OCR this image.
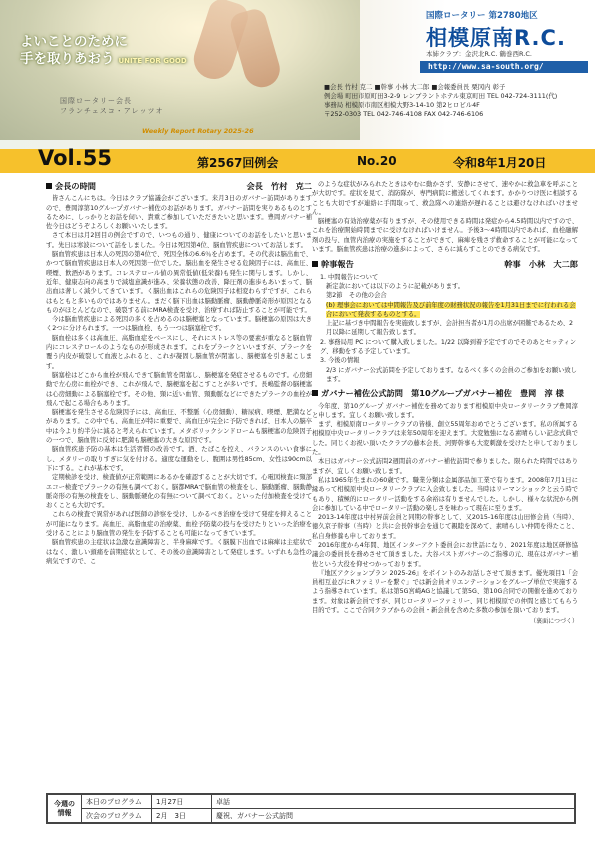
よいことのために
手を取りあおう UNITE FOR GOOD
国際ロータリー会長
フランチェスコ・アレッツオ
Weekly Report Rotary 2025-26
国際ロータリー 第2780地区
相模原南R.C.
本姉クラブ：金沢北R.C. 鶴巻西R.C.
http://www.sa-south.org/
■会長 竹村 克二 ■幹事 小林 大二郎 ■会報委員長 栗冈内 彰子
例会場 町田市原町田3-2-9 レンブラントホテル東京町田 TEL 042-724-3111(代)
事務局 相模原市南区相模大野3-14-10 第2ヒロビル4F
〒252-0303 TEL 042-746-4108 FAX 042-746-6106
Vol.55	第2567回例会	No.20	令和8年1月20日
会長の時間	会長　竹村　克二

皆さんこんにちは。今日はクラブ協議会がございます。来月3日のガバナー訪問がありますので、豊岡淳第10グループガバナー補佐のお話があります。ガバナー訪問を実りあるものとするために、しっかりとお話を伺い、貴重ご参加していただきたいと思います。豊岡ガバナー補佐今日はどうぞよろしくお願いいたします。

さて本日は月2回目の例会ですので、いつもの通り、健康についてのお話をしたいと思います。先日は寒波について話をしました。今日は死因第4位、脳血管疾患についてお話します。

脳血管疾患は日本人の死因の第4位で、死因全体の6.6％を占めます。その代表は脳出血で、かつて脳血管疾患は日本人の死因第一位でした。脳出血を発生させる危険因子には、高血圧、喫煙、飲酒があります。コレステロール値の異常低値(低栄養)も発生に関与します。しかし、近年、健康志向の高まりで減塩意識が進み、栄養状態の改善、降圧剤の進歩もあいまって、脳出血は著しく減少してきています。く脳出血はこれらの危険因子は相変わらずですが、これらはもともと多いものではありません。まだく脳下出血は脳動脈瘤、脳動静脈奇形が原因となるものがほとんどなので、破裂する前にMRA検査を受け、治療すれば防止することが可能です。

今は脳血管疾患による死因の多くを占めるのは脳梗塞となっています。脳梗塞の原因は大きく2つに分けられます。一つは脳血栓、もう一つは脳塞栓です。

脳血栓は多くは高血圧、高脂血症をベースにし、それにストレス等の要素が重なると脳血管内にコレステロールのようなものが形成されます。これをプラークといいますが、プラークを覆う内皮が破裂して血液とふれると、これが凝固し脳血管が閉塞し、脳梗塞を引き起こします。

脳塞栓はどこから血栓が飛んできて脳血管を閉塞し、脳梗塞を発症させるものです。心房細動で左心房に血栓ができ、これが飛んで、脳梗塞を起こすことが多いです。長嶋監督の脳梗塞は心房細動による脳塞栓です。その他、頸に近い血管、頸動脈などにできたプラークの血栓が飛んで起こる場合もあります。

脳梗塞を発生させる危険因子には、高血圧、不整脈（心房細動）、糖尿病、喫煙、肥満などがあります。この中でも、高血圧が特に重要で、高血圧が完全に予防できれば、日本人の脳卒中は今より約半分に減ると考えられています。メタボリックシンドロームも脳梗塞の危険因子の一つで、脳血管に反対に肥満も脳梗塞の大きな原因です。

脳血管疾患予防の基本は生活習慣の改善です。酒、たばこを控え、バランスのいい食事にし、メタリーの取りすぎに気を付ける。適度な運動をし、腹囲は男性85cm、女性は90cm以下にする。これが基本です。

定期検診を受け、検査値が正常範囲にあるかを確認することが大切です。心電図検査に頸部エコー検査でプラークの有無も調べておく。脳都MRAで脳血管の検査をし、脳動脈瘤、脳動静脈奇形の有無の検査をし、脳動脈硬化の有無について調べておく。といった付加検査を受けておくことも大切です。

これらの検査で異常があれば医師の診察を受け、しかるべき治療を受けて発症を抑えることが可能になります。高血圧、高脂血症の治療薬、血栓予防薬の投与を受けたりといった治療を受けることにより脳血管の発生を予防することも可能になってきています。

脳血管疾患の主症状は急激な意識障害と、半身麻痺です。く脳膜下出血では麻痺は主症状ではなく、激しい頭痛を前期症状として、その後の意識障害として発症します。いずれも急性の病気ですので、こ

のような症状がみられたときはやむに動かさず、安静にさせて、速やかに救急車を呼ぶことが大切です。症状を見て、消防隊が、専門病院に搬送してくれます。かかりつけ医に相談することも大切ですが連絡に手間取って、救急隊への連絡が遅れることは避けなければいけません。

脳梗塞の有効治療薬が有りますが、その使用できる時間は発症から4.5時間以内ですので、これを治療開始時間までに受けなければいけません。予後3～4時間以内であれば、血栓融解剤の投与、血管内治療の実施をすることができて、麻痺を残さず救命することが可能になっています。脳血管疾患は治療の進歩によって、さらに減らすことのできる病気です。

幹事報告	幹事　小林　大二郎
1. 中間報告について
新定款においては以下のように記載があります。
第2節　その他の会合
(b) 理事会においては中間報告及び前年度の財務状況の報告を1月31日までに行われる会合において発表するものとする。
上記に基づき中間報告を実施致しますが、会計担当者が1月の出席が困難であるため、2月以降に延期して報告致します。
2. 事務局用 PC について購入致しました。1/22 以降到着予定ですのでそのあとセッティング、移動をする予定しています。
3. 今後の情報
2/3 にガバナー公式訪問を予定しております。なるべく多くの会員のご参加をお願い致します。
ガバナー補佐公式訪問　第10グループガバナー補佐　豊岡　淳 様

今年度、第10グループ ガバナー補佐を務めております相模原中央ロータリークラブ豊岡淳と申します。宜しくお願い致します。

まず、相模原南ロータリークラブの皆様、創立55周年おめでとうございます。私の所属する相模原中央ロータリークラブは来年50周年を迎えます。大変勉強になる素晴らしい記念式典でした。同じくお祝い頂いたクラブの藤本会長、河野幹事も大変刺激を受けたと申しておりました。

本日はガバナー公式訪問2週間前のガバナー補佐訪問で参りました。限られた時間ではありますが、宜しくお願い致します。

私は1965年生まれの60歳です。職業分類は金属部品加工業で有ります。2008年7月1日に縁あって相模原中央ロータリークラブに入会致しました。当時はリーマンショックと云う時でもあり、積極的にロータリー活動をする余裕は有りませんでした。しかし、様々な状況から例会に参加している中でロータリー活動の楽しさを味わって現在に至ります。

2013-14年度は中村昇前会員と同期の幹事として、又2015-16年度は山田修会員（当時）、徳久京子幹事（当時）と共に会長幹事会を通じて親睦を深めて、素晴らしい仲間を得たこと、私自身修養も申しております。

2016年度から4年間、地区インターアクト委員会にお世話になり、2021年度は地区研修協議会の委員長を務めさせて頂きました。大谷パストガバナーのご指導の元、現在はガバナー補佐という大役を仰せつかっております。

『地区アクションプラン 2025-26』をポイントのみお話しさせて頂きます。優先項目1「会員相互並びにRファミリーを繋ぐ」では新会員オリエンテーションをグループ単位で実施するよう指導されています。私は第5G宮崎AGと協議して第5G、第10G合同での開催を進めております。対象は新会員ですが、同じロータリーファミリー、同じ相模原での仲間と感じてもらう目的です。ここで合同クラブからの会員・新会員を含めた多数の参加を頂いております。

（裏面につづく）
今週の情報	本日のプログラム	1月27日	卓話
	次会のプログラム	2月　3日	慶祝、ガバナー公式訪問
